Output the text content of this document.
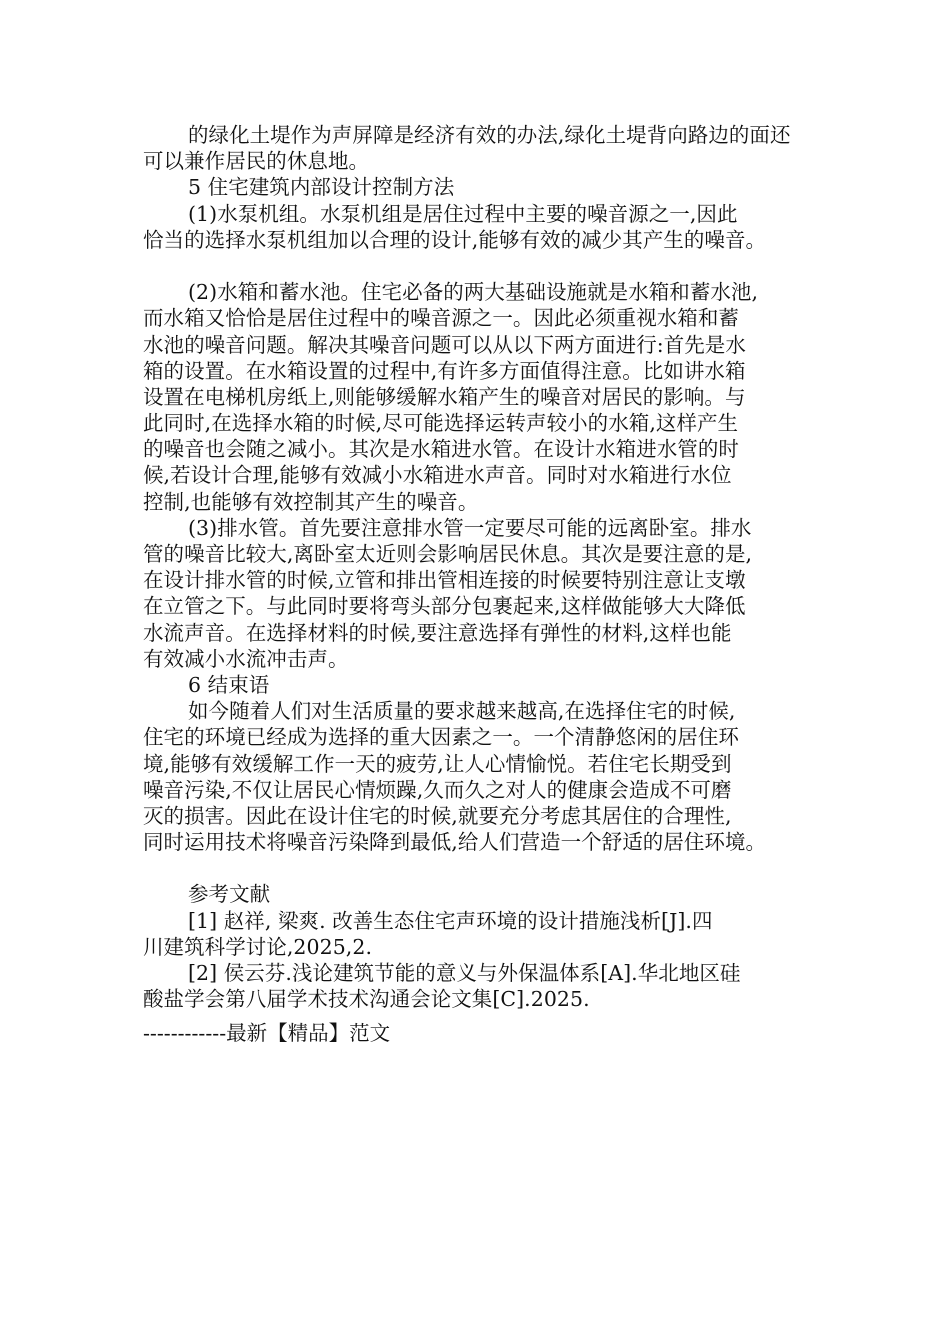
的绿化土堤作为声屏障是经济有效的办法,绿化土堤背向路边的面还
可以兼作居民的休息地。
5 住宅建筑内部设计控制方法
(1)水泵机组。水泵机组是居住过程中主要的噪音源之一,因此
恰当的选择水泵机组加以合理的设计,能够有效的减少其产生的噪音。
(2)水箱和蓄水池。住宅必备的两大基础设施就是水箱和蓄水池,
而水箱又恰恰是居住过程中的噪音源之一。因此必须重视水箱和蓄
水池的噪音问题。解决其噪音问题可以从以下两方面进行:首先是水
箱的设置。在水箱设置的过程中,有许多方面值得注意。比如讲水箱
设置在电梯机房纸上,则能够缓解水箱产生的噪音对居民的影响。与
此同时,在选择水箱的时候,尽可能选择运转声较小的水箱,这样产生
的噪音也会随之减小。其次是水箱进水管。在设计水箱进水管的时
候,若设计合理,能够有效减小水箱进水声音。同时对水箱进行水位
控制,也能够有效控制其产生的噪音。
(3)排水管。首先要注意排水管一定要尽可能的远离卧室。排水
管的噪音比较大,离卧室太近则会影响居民休息。其次是要注意的是,
在设计排水管的时候,立管和排出管相连接的时候要特别注意让支墩
在立管之下。与此同时要将弯头部分包裹起来,这样做能够大大降低
水流声音。在选择材料的时候,要注意选择有弹性的材料,这样也能
有效减小水流冲击声。
6 结束语
如今随着人们对生活质量的要求越来越高,在选择住宅的时候,
住宅的环境已经成为选择的重大因素之一。一个清静悠闲的居住环
境,能够有效缓解工作一天的疲劳,让人心情愉悦。若住宅长期受到
噪音污染,不仅让居民心情烦躁,久而久之对人的健康会造成不可磨
灭的损害。因此在设计住宅的时候,就要充分考虑其居住的合理性,
同时运用技术将噪音污染降到最低,给人们营造一个舒适的居住环境。
参考文献
[1] 赵祥, 梁爽. 改善生态住宅声环境的设计措施浅析[J].四
川建筑科学讨论,2025,2.
[2] 侯云芬.浅论建筑节能的意义与外保温体系[A].华北地区硅
酸盐学会第八届学术技术沟通会论文集[C].2025.
------------最新【精品】范文
